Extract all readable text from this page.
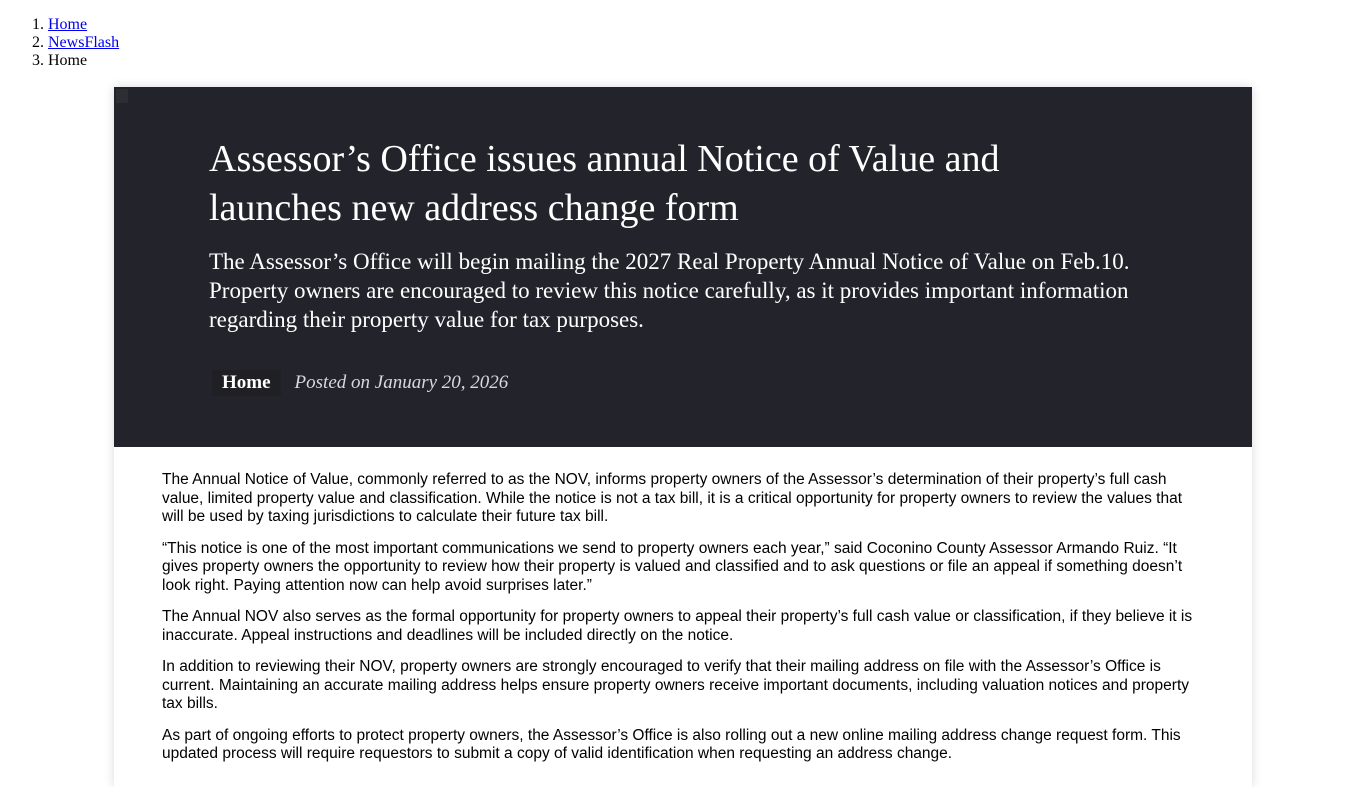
1. Home
2. NewsFlash
3. Home
Assessor’s Office issues annual Notice of Value and launches new address change form

The Assessor’s Office will begin mailing the 2027 Real Property Annual Notice of Value on Feb.10. Property owners are encouraged to review this notice carefully, as it provides important information regarding their property value for tax purposes.

Home	Posted on January 20, 2026

The Annual Notice of Value, commonly referred to as the NOV, informs property owners of the Assessor’s determination of their property’s full cash value, limited property value and classification. While the notice is not a tax bill, it is a critical opportunity for property owners to review the values that will be used by taxing jurisdictions to calculate their future tax bill.

“This notice is one of the most important communications we send to property owners each year,” said Coconino County Assessor Armando Ruiz. “It gives property owners the opportunity to review how their property is valued and classified and to ask questions or file an appeal if something doesn’t look right. Paying attention now can help avoid surprises later.”

The Annual NOV also serves as the formal opportunity for property owners to appeal their property’s full cash value or classification, if they believe it is inaccurate. Appeal instructions and deadlines will be included directly on the notice.

In addition to reviewing their NOV, property owners are strongly encouraged to verify that their mailing address on file with the Assessor’s Office is current. Maintaining an accurate mailing address helps ensure property owners receive important documents, including valuation notices and property tax bills.

As part of ongoing efforts to protect property owners, the Assessor’s Office is also rolling out a new online mailing address change request form. This updated process will require requestors to submit a copy of valid identification when requesting an address change.
